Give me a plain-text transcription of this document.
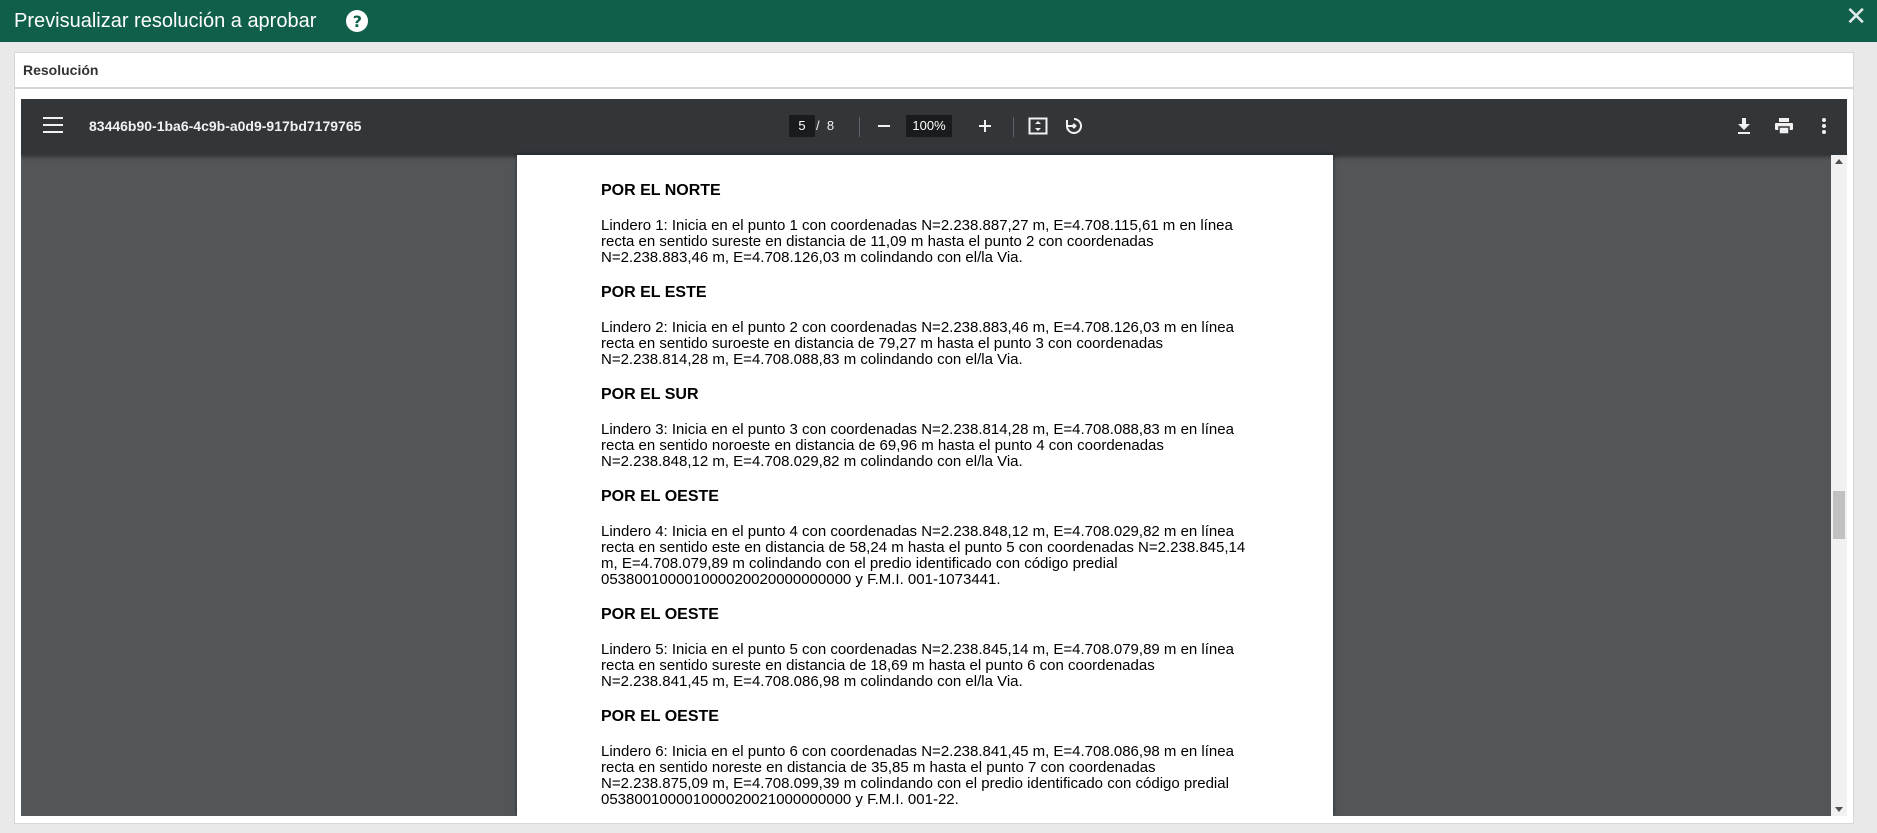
Previsualizar resolución a aprobar	?	✕
Resolución
83446b90-1ba6-4c9b-a0d9-917bd7179765	5 / 8	100%
POR EL NORTE
Lindero 1: Inicia en el punto 1 con coordenadas N=2.238.887,27 m, E=4.708.115,61 m en línea recta en sentido sureste en distancia de 11,09 m hasta el punto 2 con coordenadas N=2.238.883,46 m, E=4.708.126,03 m colindando con el/la Via.
POR EL ESTE
Lindero 2: Inicia en el punto 2 con coordenadas N=2.238.883,46 m, E=4.708.126,03 m en línea recta en sentido suroeste en distancia de 79,27 m hasta el punto 3 con coordenadas N=2.238.814,28 m, E=4.708.088,83 m colindando con el/la Via.
POR EL SUR
Lindero 3: Inicia en el punto 3 con coordenadas N=2.238.814,28 m, E=4.708.088,83 m en línea recta en sentido noroeste en distancia de 69,96 m hasta el punto 4 con coordenadas N=2.238.848,12 m, E=4.708.029,82 m colindando con el/la Via.
POR EL OESTE
Lindero 4: Inicia en el punto 4 con coordenadas N=2.238.848,12 m, E=4.708.029,82 m en línea recta en sentido este en distancia de 58,24 m hasta el punto 5 con coordenadas N=2.238.845,14 m, E=4.708.079,89 m colindando con el predio identificado con código predial 053800100001000020020000000000 y F.M.I. 001-1073441.
POR EL OESTE
Lindero 5: Inicia en el punto 5 con coordenadas N=2.238.845,14 m, E=4.708.079,89 m en línea recta en sentido sureste en distancia de 18,69 m hasta el punto 6 con coordenadas N=2.238.841,45 m, E=4.708.086,98 m colindando con el/la Via.
POR EL OESTE
Lindero 6: Inicia en el punto 6 con coordenadas N=2.238.841,45 m, E=4.708.086,98 m en línea recta en sentido noreste en distancia de 35,85 m hasta el punto 7 con coordenadas N=2.238.875,09 m, E=4.708.099,39 m colindando con el predio identificado con código predial 053800100001000020021000000000 y F.M.I. 001-22.
